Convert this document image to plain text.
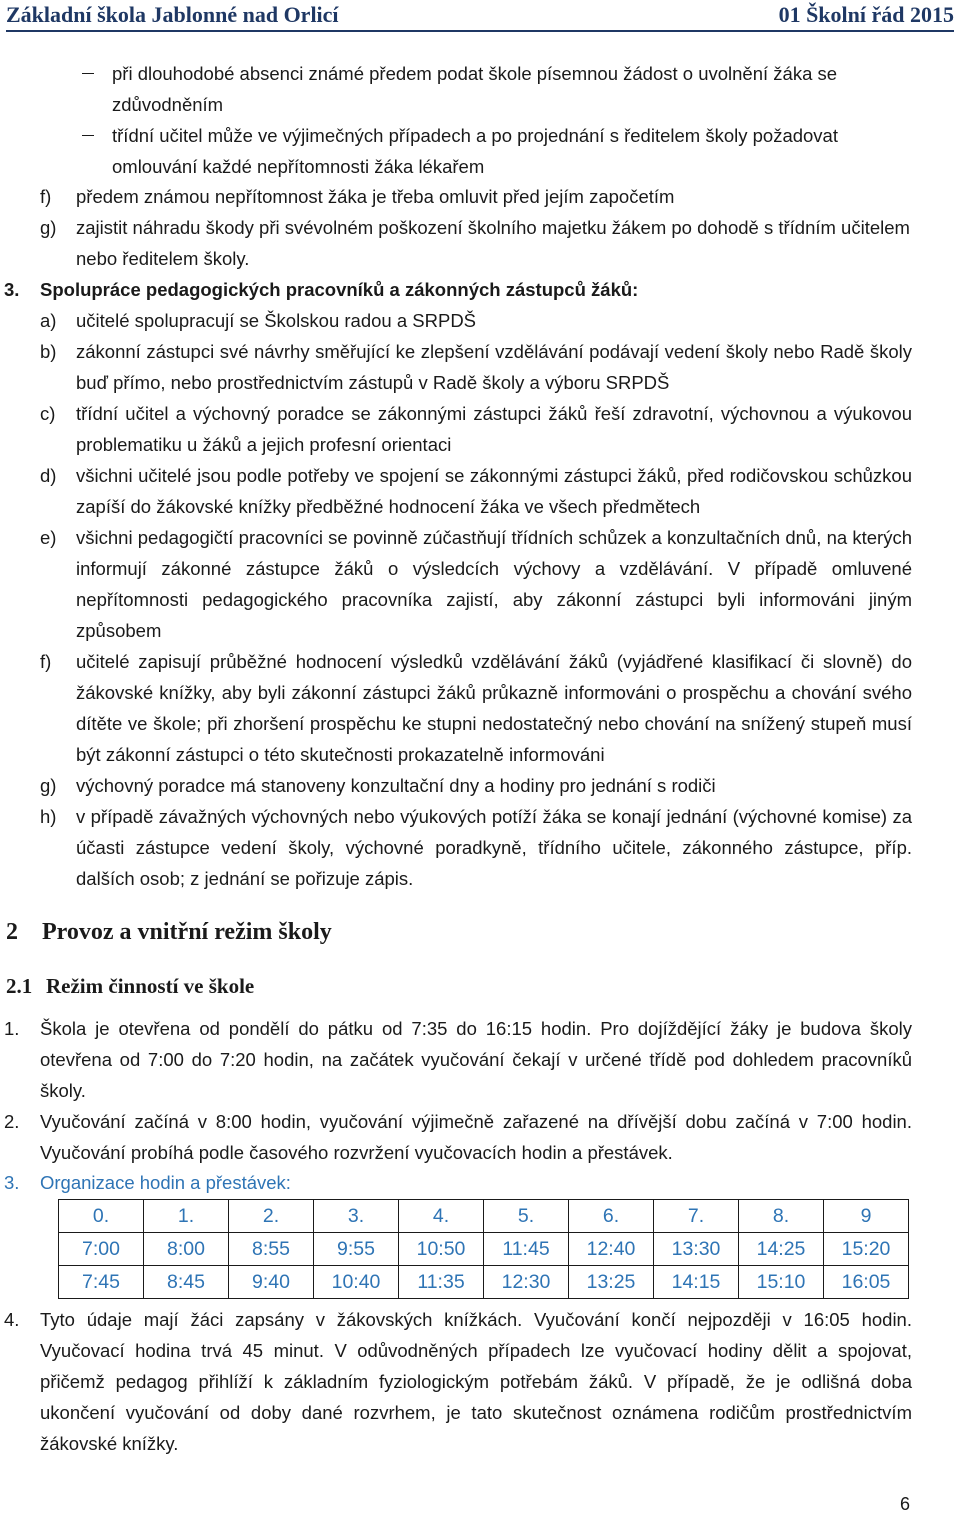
Základní škola Jablonné nad Orlicí	01 Školní řád 2015
při dlouhodobé absenci známé předem podat škole písemnou žádost o uvolnění žáka se zdůvodněním
třídní učitel může ve výjimečných případech a po projednání s ředitelem školy požadovat omlouvání každé nepřítomnosti žáka lékařem
f)	předem známou nepřítomnost žáka je třeba omluvit před jejím započetím
g)	zajistit náhradu škody při svévolném poškození školního majetku žákem po dohodě s třídním učitelem nebo ředitelem školy.
3.	Spolupráce pedagogických pracovníků a zákonných zástupců žáků:
a)	učitelé spolupracují se Školskou radou a SRPDŠ
b)	zákonní zástupci své návrhy směřující ke zlepšení vzdělávání podávají vedení školy nebo Radě školy buď přímo, nebo prostřednictvím zástupů v Radě školy a výboru SRPDŠ
c)	třídní učitel a výchovný poradce se zákonnými zástupci žáků řeší zdravotní, výchovnou a výukovou problematiku u žáků a jejich profesní orientaci
d)	všichni učitelé jsou podle potřeby ve spojení se zákonnými zástupci žáků, před rodičovskou schůzkou zapíší do žákovské knížky předběžné hodnocení žáka ve všech předmětech
e)	všichni pedagogičtí pracovníci se povinně zúčastňují třídních schůzek a konzultačních dnů, na kterých informují zákonné zástupce žáků o výsledcích výchovy a vzdělávání. V případě omluvené nepřítomnosti pedagogického pracovníka zajistí, aby zákonní zástupci byli informováni jiným způsobem
f)	učitelé zapisují průběžné hodnocení výsledků vzdělávání žáků (vyjádřené klasifikací či slovně) do žákovské knížky, aby byli zákonní zástupci žáků průkazně informováni o prospěchu a chování svého dítěte ve škole; při zhoršení prospěchu ke stupni nedostatečný nebo chování na snížený stupeň musí být zákonní zástupci o této skutečnosti prokazatelně informováni
g)	výchovný poradce má stanoveny konzultační dny a hodiny pro jednání s rodiči
h)	v případě závažných výchovných nebo výukových potíží žáka se konají jednání (výchovné komise) za účasti zástupce vedení školy, výchovné poradkyně, třídního učitele, zákonného zástupce, příp. dalších osob; z jednání se pořizuje zápis.
2	Provoz a vnitřní režim školy
2.1 Režim činností ve škole
1.	Škola je otevřena od pondělí do pátku od 7:35 do 16:15 hodin. Pro dojíždějící žáky je budova školy otevřena od 7:00 do 7:20 hodin, na začátek vyučování čekají v určené třídě pod dohledem pracovníků školy.
2.	Vyučování začíná v 8:00 hodin, vyučování výjimečně zařazené na dřívější dobu začíná v 7:00 hodin. Vyučování probíhá podle časového rozvržení vyučovacích hodin a přestávek.
3.	Organizace hodin a přestávek:
4.	Tyto údaje mají žáci zapsány v žákovských knížkách. Vyučování končí nejpozději v 16:05 hodin. Vyučovací hodina trvá 45 minut. V odůvodněných případech lze vyučovací hodiny dělit a spojovat, přičemž pedagog přihlíží k základním fyziologickým potřebám žáků. V případě, že je odlišná doba ukončení vyučování od doby dané rozvrhem, je tato skutečnost oznámena rodičům prostřednictvím žákovské knížky.
0.	1.	2.	3.	4.	5.	6.	7.	8.	9
7:00	8:00	8:55	9:55	10:50	11:45	12:40	13:30	14:25	15:20
7:45	8:45	9:40	10:40	11:35	12:30	13:25	14:15	15:10	16:05
6
